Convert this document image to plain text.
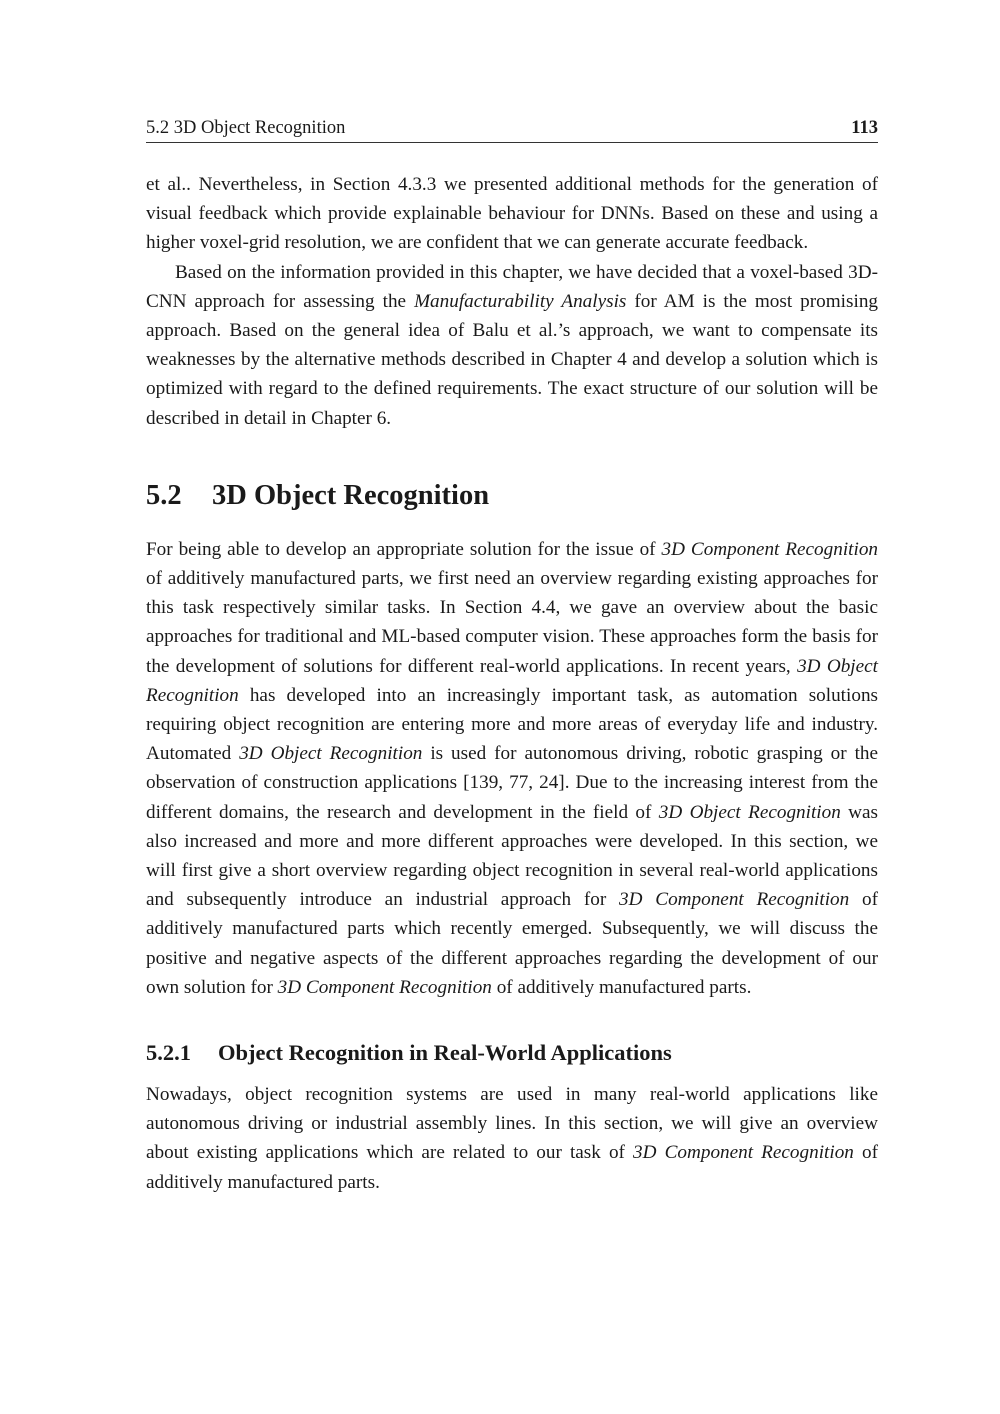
5.2 3D Object Recognition	113

et al.. Nevertheless, in Section 4.3.3 we presented additional methods for the generation of visual feedback which provide explainable behaviour for DNNs. Based on these and using a higher voxel-grid resolution, we are confident that we can generate accurate feedback.

Based on the information provided in this chapter, we have decided that a voxel-based 3D-CNN approach for assessing the Manufacturability Analysis for AM is the most promising approach. Based on the general idea of Balu et al.’s approach, we want to compensate its weaknesses by the alternative methods described in Chapter 4 and develop a solution which is optimized with regard to the defined requirements. The exact structure of our solution will be described in detail in Chapter 6.

5.2 3D Object Recognition

For being able to develop an appropriate solution for the issue of 3D Component Recognition of additively manufactured parts, we first need an overview regarding existing approaches for this task respectively similar tasks. In Section 4.4, we gave an overview about the basic approaches for traditional and ML-based computer vision. These approaches form the basis for the development of solutions for different real-world applications. In recent years, 3D Object Recognition has developed into an increasingly important task, as automation solutions requiring object recognition are entering more and more areas of everyday life and industry. Automated 3D Object Recognition is used for autonomous driving, robotic grasping or the observation of construction applications [139, 77, 24]. Due to the increasing interest from the different domains, the research and development in the field of 3D Object Recognition was also increased and more and more different approaches were developed. In this section, we will first give a short overview regarding object recognition in several real-world applications and subsequently introduce an industrial approach for 3D Component Recognition of additively manufactured parts which recently emerged. Subsequently, we will discuss the positive and negative aspects of the different approaches regarding the development of our own solution for 3D Component Recognition of additively manufactured parts.

5.2.1 Object Recognition in Real-World Applications

Nowadays, object recognition systems are used in many real-world applications like autonomous driving or industrial assembly lines. In this section, we will give an overview about existing applications which are related to our task of 3D Component Recognition of additively manufactured parts.
